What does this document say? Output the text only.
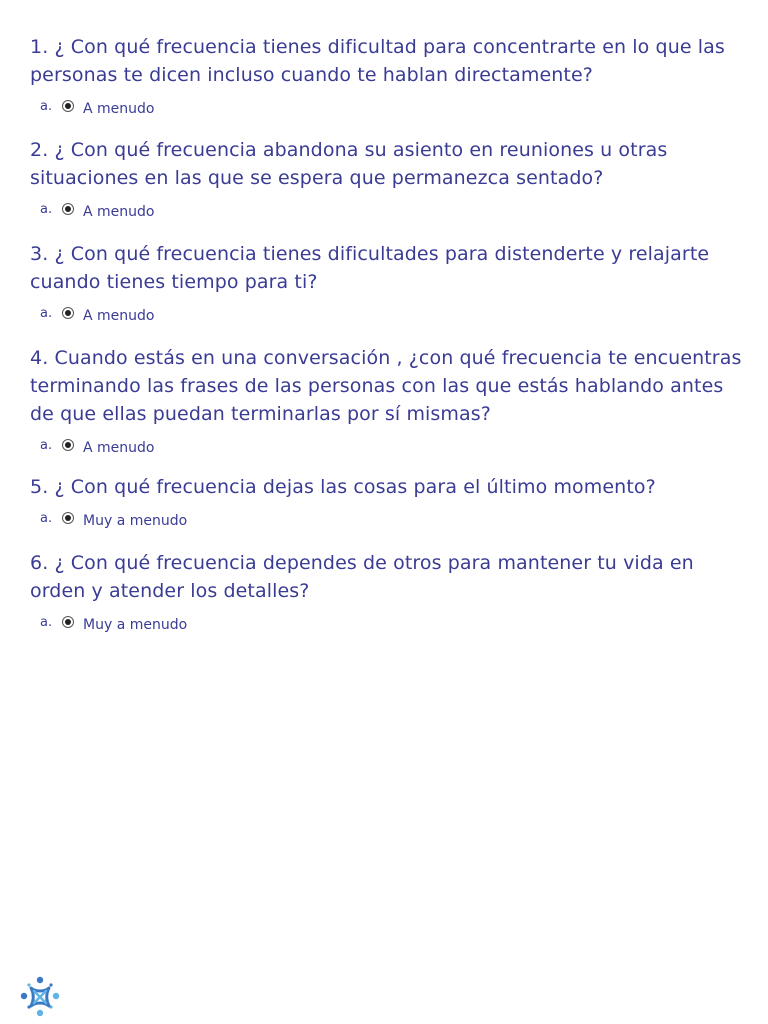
1. ¿ Con qué frecuencia tienes dificultad para concentrarte en lo que las personas te dicen incluso cuando te hablan directamente?

a.	A menudo

2. ¿ Con qué frecuencia abandona su asiento en reuniones u otras situaciones en las que se espera que permanezca sentado?

a.	A menudo

3. ¿ Con qué frecuencia tienes dificultades para distenderte y relajarte cuando tienes tiempo para ti?

a.	A menudo

4. Cuando estás en una conversación , ¿con qué frecuencia te encuentras terminando las frases de las personas con las que estás hablando antes de que ellas puedan terminarlas por sí mismas?

a.	A menudo

5. ¿ Con qué frecuencia dejas las cosas para el último momento?

a.	Muy a menudo

6. ¿ Con qué frecuencia dependes de otros para mantener tu vida en orden y atender los detalles?

a.	Muy a menudo
